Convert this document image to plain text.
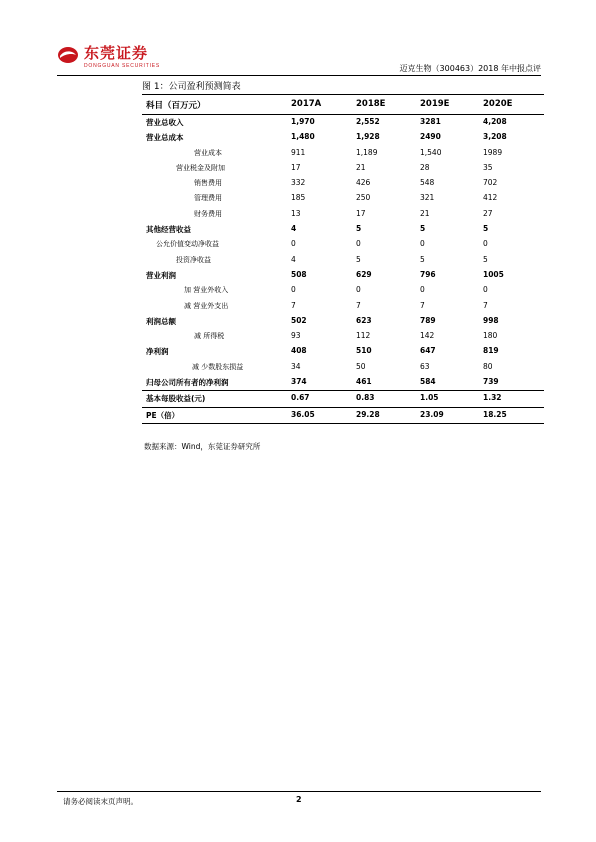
东莞证券
DONGGUAN SECURITIES	迈克生物（300463）2018 年中报点评
图 1：公司盈利预测简表
科目（百万元）	2017A	2018E	2019E	2020E
营业总收入	1,970	2,552	3281	4,208
营业总成本	1,480	1,928	2490	3,208
营业成本	911	1,189	1,540	1989
营业税金及附加	17	21	28	35
销售费用	332	426	548	702
管理费用	185	250	321	412
财务费用	13	17	21	27
其他经营收益	4	5	5	5
公允价值变动净收益	0	0	0	0
投资净收益	4	5	5	5
营业利润	508	629	796	1005
加 营业外收入	0	0	0	0
减 营业外支出	7	7	7	7
利润总额	502	623	789	998
减 所得税	93	112	142	180
净利润	408	510	647	819
减 少数股东损益	34	50	63	80
归母公司所有者的净利润	374	461	584	739
基本每股收益(元)	0.67	0.83	1.05	1.32
PE（倍）	36.05	29.28	23.09	18.25
数据来源：Wind，东莞证券研究所
请务必阅读末页声明。	2
